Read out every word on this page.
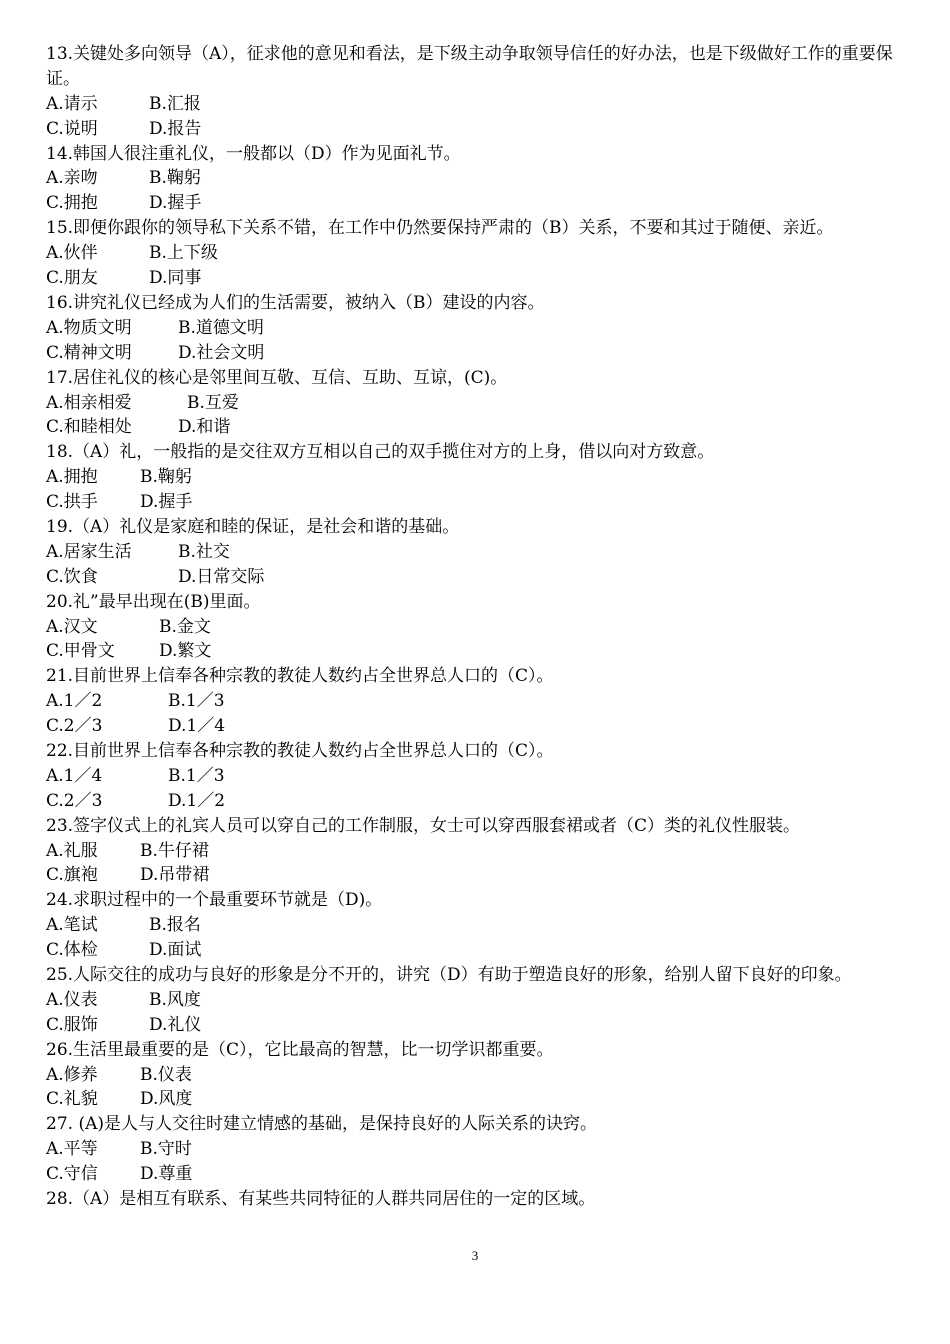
13.关键处多向领导（A），征求他的意见和看法，是下级主动争取领导信任的好办法，也是下级做好工作的重要保证。
A.请示	B.汇报
C.说明	D.报告
14.韩国人很注重礼仪，一般都以（D）作为见面礼节。
A.亲吻	B.鞠躬
C.拥抱	D.握手
15.即便你跟你的领导私下关系不错，在工作中仍然要保持严肃的（B）关系，不要和其过于随便、亲近。
A.伙伴	B.上下级
C.朋友	D.同事
16.讲究礼仪已经成为人们的生活需要，被纳入（B）建设的内容。
A.物质文明	B.道德文明
C.精神文明	D.社会文明
17.居住礼仪的核心是邻里间互敬、互信、互助、互谅，(C)。
A.相亲相爱	B.互爱
C.和睦相处	D.和谐
18.（A）礼，一般指的是交往双方互相以自己的双手揽住对方的上身，借以向对方致意。
A.拥抱 B.鞠躬
C.拱手 D.握手
19.（A）礼仪是家庭和睦的保证，是社会和谐的基础。
A.居家生活	B.社交
C.饮食	D.日常交际
20.礼”最早出现在(B)里面。
A.汉文	B.金文
C.甲骨文	D.繁文
21.目前世界上信奉各种宗教的教徒人数约占全世界总人口的（C）。
A.1／2	B.1／3
C.2／3	D.1／4
22.目前世界上信奉各种宗教的教徒人数约占全世界总人口的（C）。
A.1／4	B.1／3
C.2／3	D.1／2
23.签字仪式上的礼宾人员可以穿自己的工作制服，女士可以穿西服套裙或者（C）类的礼仪性服装。
A.礼服 B.牛仔裙
C.旗袍 D.吊带裙
24.求职过程中的一个最重要环节就是（D)。
A.笔试	B.报名
C.体检	D.面试
25.人际交往的成功与良好的形象是分不开的，讲究（D）有助于塑造良好的形象，给别人留下良好的印象。
A.仪表	B.风度
C.服饰	D.礼仪
26.生活里最重要的是（C），它比最高的智慧，比一切学识都重要。
A.修养 B.仪表
C.礼貌 D.风度
27. (A)是人与人交往时建立情感的基础，是保持良好的人际关系的诀窍。
A.平等 B.守时
C.守信 D.尊重
28.（A）是相互有联系、有某些共同特征的人群共同居住的一定的区域。
3
